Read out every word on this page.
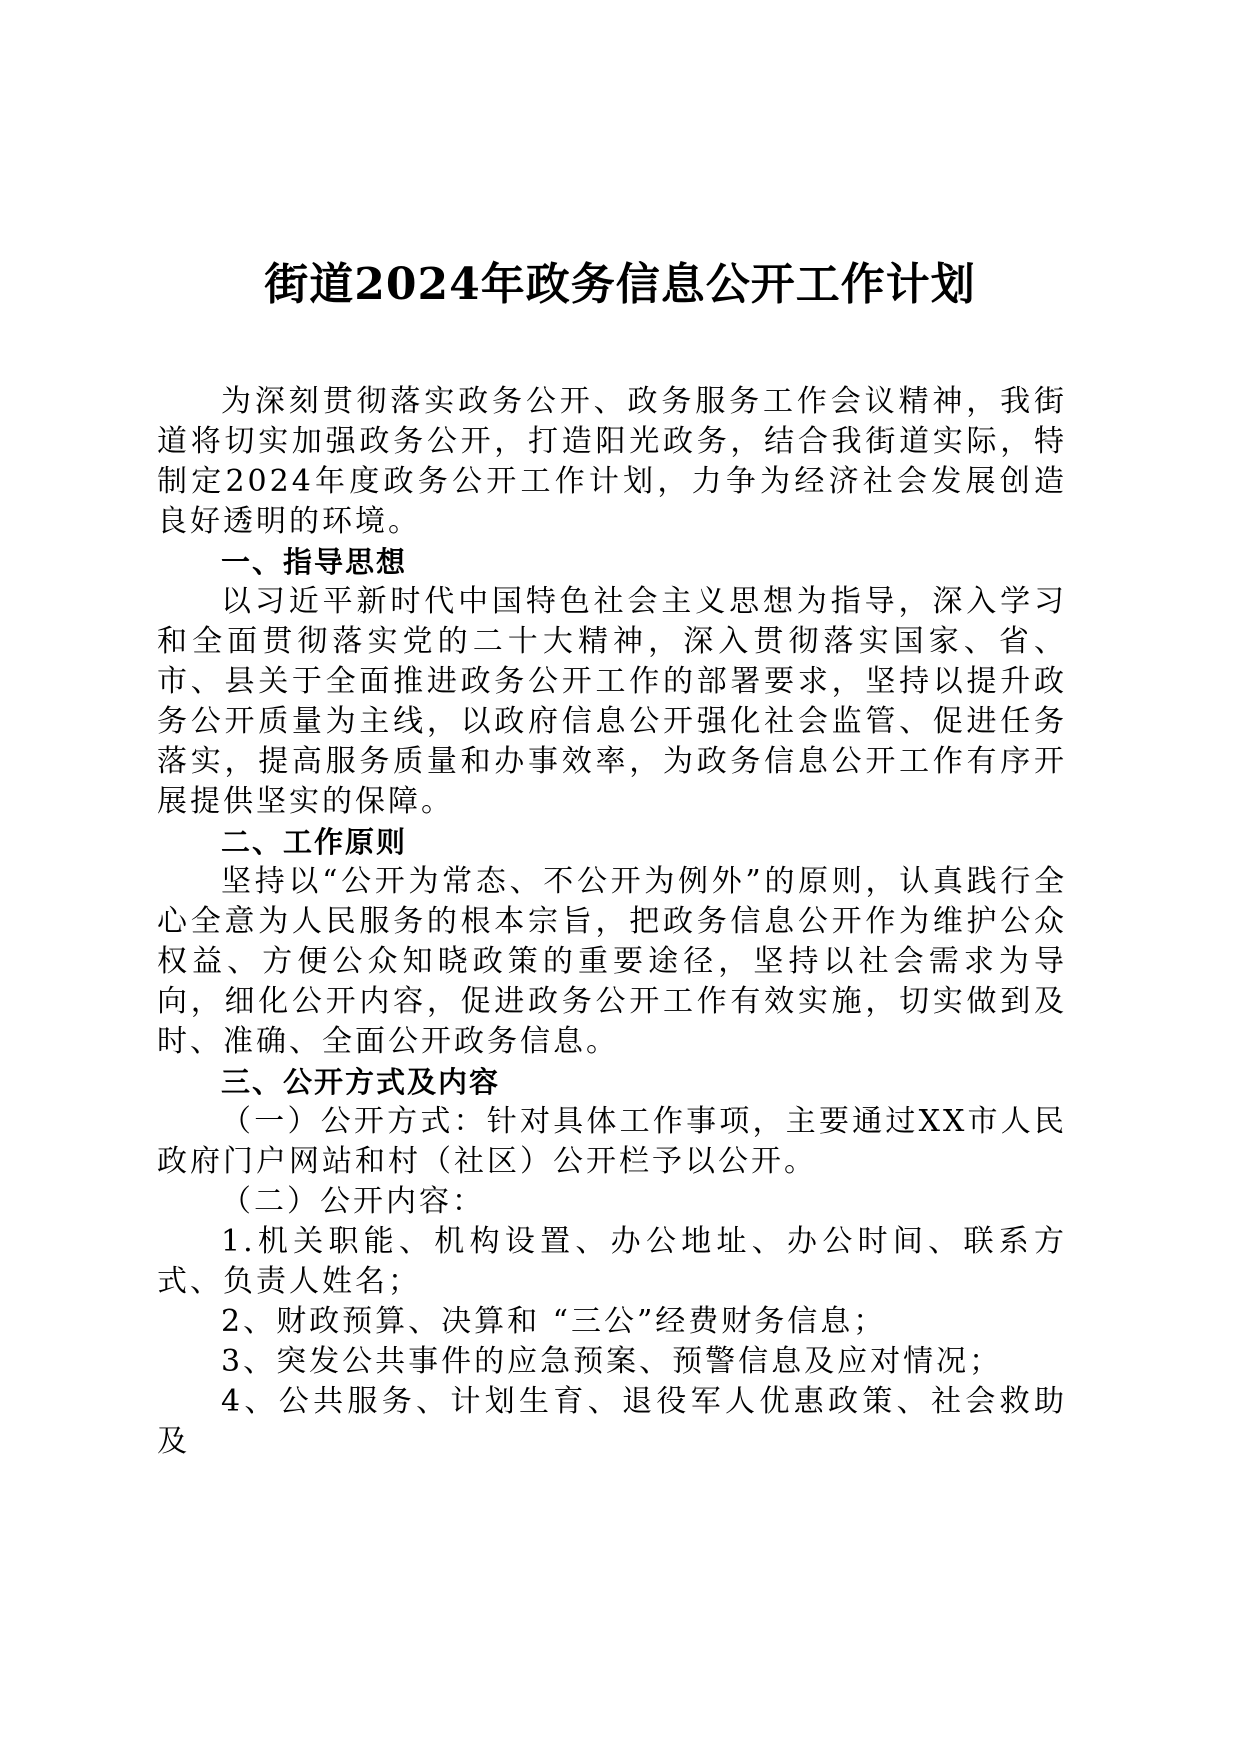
街道2024年政务信息公开工作计划

为深刻贯彻落实政务公开、政务服务工作会议精神，我街道将切实加强政务公开，打造阳光政务，结合我街道实际，特制定2024年度政务公开工作计划，力争为经济社会发展创造良好透明的环境。

一、指导思想

以习近平新时代中国特色社会主义思想为指导，深入学习和全面贯彻落实党的二十大精神，深入贯彻落实国家、省、市、县关于全面推进政务公开工作的部署要求，坚持以提升政务公开质量为主线，以政府信息公开强化社会监管、促进任务落实，提高服务质量和办事效率，为政务信息公开工作有序开展提供坚实的保障。

二、工作原则

坚持以“公开为常态、不公开为例外”的原则，认真践行全心全意为人民服务的根本宗旨，把政务信息公开作为维护公众权益、方便公众知晓政策的重要途径，坚持以社会需求为导向，细化公开内容，促进政务公开工作有效实施，切实做到及时、准确、全面公开政务信息。

三、公开方式及内容

（一）公开方式：针对具体工作事项，主要通过XX市人民政府门户网站和村（社区）公开栏予以公开。

（二）公开内容：

1.机关职能、机构设置、办公地址、办公时间、联系方式、负责人姓名；

2、财政预算、决算和 “三公”经费财务信息；

3、突发公共事件的应急预案、预警信息及应对情况；

4、公共服务、计划生育、退役军人优惠政策、社会救助及
